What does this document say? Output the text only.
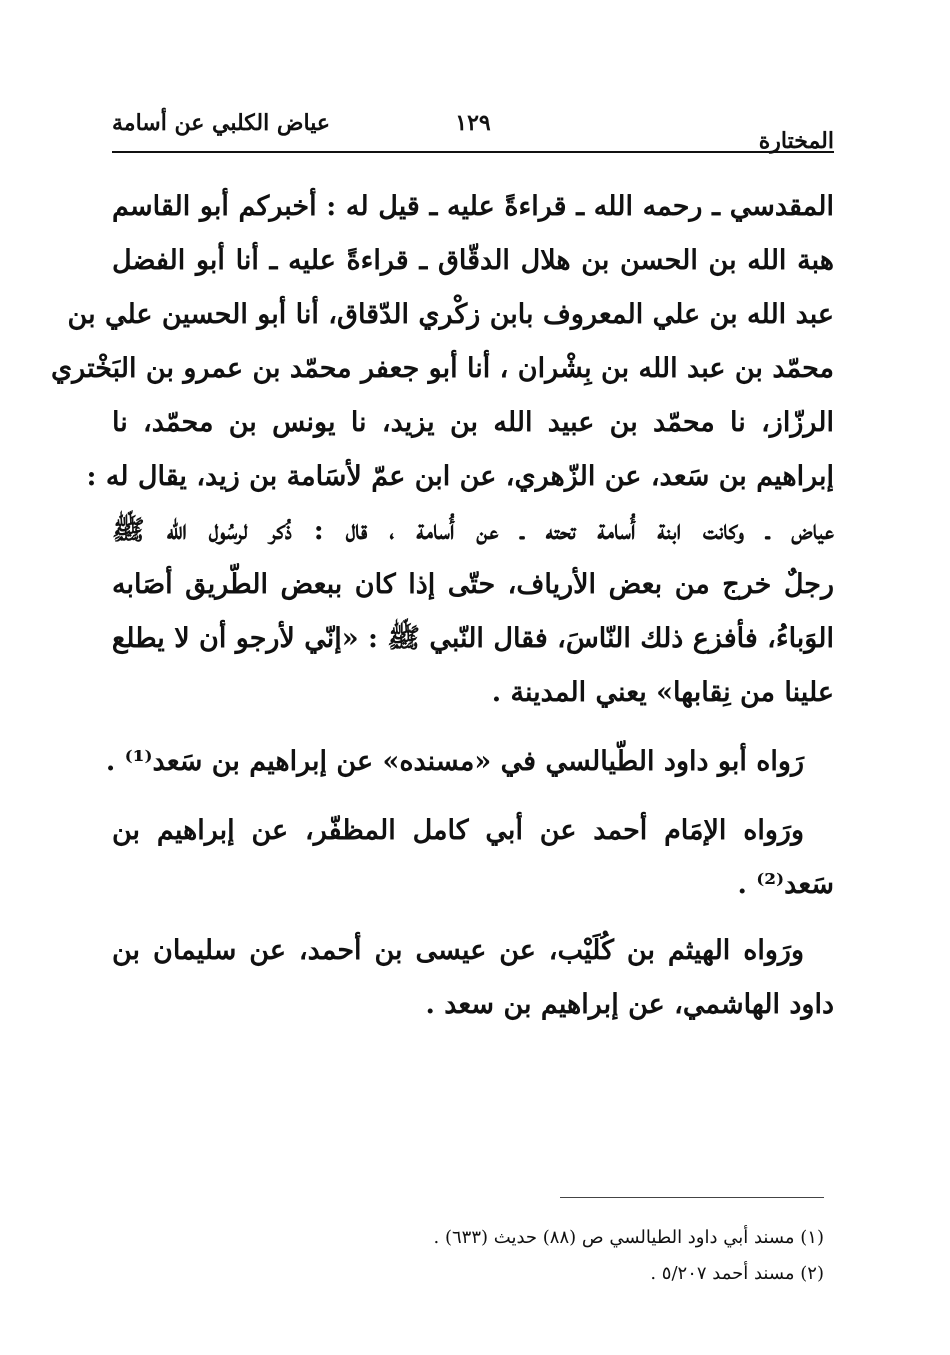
المختارة
١٢٩
عياض الكلبي عن أسامة
المقدسي ـ رحمه الله ـ قراءةً عليه ـ قيل له : أخبركم أبو القاسم
هبة الله بن الحسن بن هلال الدقّاق ـ قراءةً عليه ـ أنا أبو الفضل
عبد الله بن علي المعروف بابن زكْري الدّقاق، أنا أبو الحسين علي بن
محمّد بن عبد الله بن بِشْران ، أنا أبو جعفر محمّد بن عمرو بن البَخْتري
الرزّاز، نا محمّد بن عبيد الله بن يزيد، نا يونس بن محمّد، نا
إبراهيم بن سَعد، عن الزّهري، عن ابن عمّ لأسَامة بن زيد، يقال له :
عياض ـ وكانت ابنة أُسامة تحته ـ عن أُسامة ، قال : ذُكر لرسُول الله ﷺ
رجلٌ خرج من بعض الأرياف، حتّى إذا كان ببعض الطّريق أصَابه
الوَباءُ، فأفزع ذلك النّاسَ، فقال النّبي ﷺ : «إنّي لأرجو أن لا يطلع
علينا من نِقابها» يعني المدينة .
رَواه أبو داود الطّيالسي في «مسنده» عن إبراهيم بن سَعد⁽¹⁾ .
ورَواه الإمَام أحمد عن أبي كامل المظفّر، عن إبراهيم بن
سَعد⁽²⁾ .
ورَواه الهيثم بن كُلَيْب، عن عيسى بن أحمد، عن سليمان بن
داود الهاشمي، عن إبراهيم بن سعد .
(١) مسند أبي داود الطيالسي ص (٨٨) حديث (٦٣٣) .
(٢) مسند أحمد ٥/٢٠٧ .
